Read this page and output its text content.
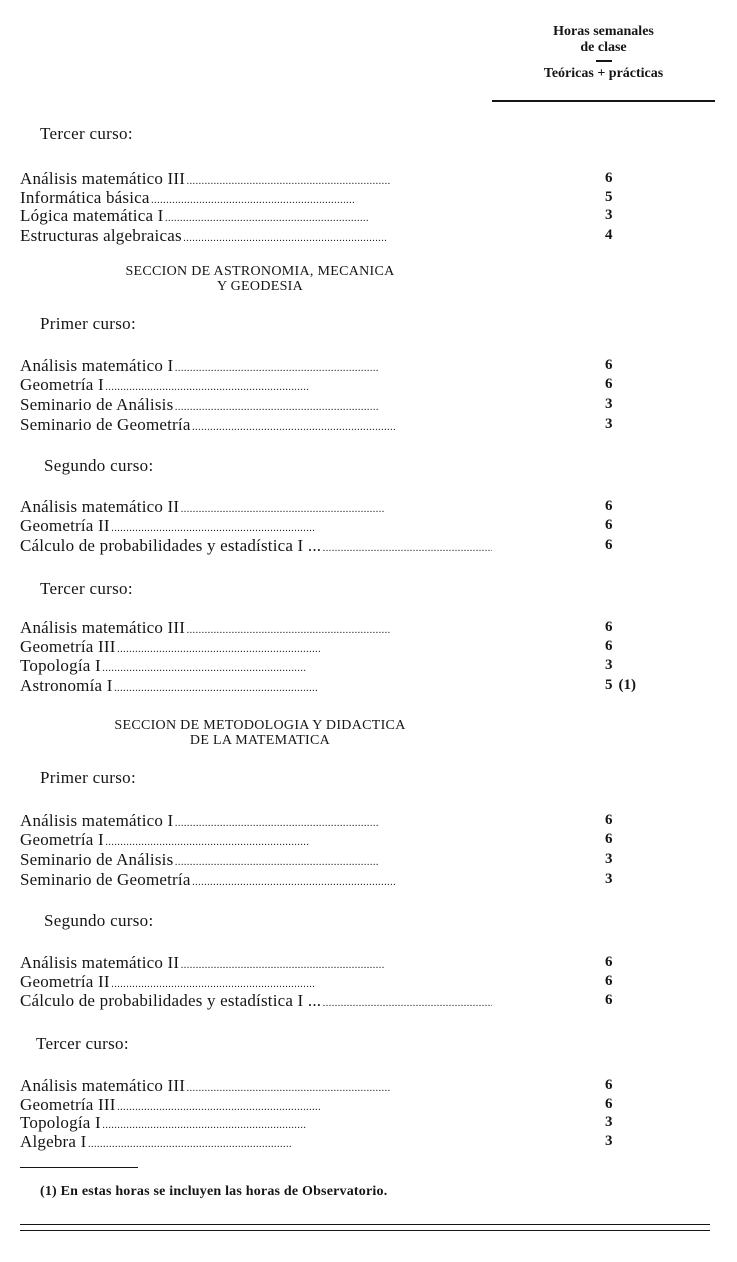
Horas semanales
de clase
Teóricas + prácticas
Tercer curso:
Análisis matemático III . . .	6
Informática básica . . .	5
Lógica matemática I . . .	3
Estructuras algebraicas . . .	4
SECCION DE ASTRONOMIA, MECANICA
Y GEODESIA
Primer curso:
Análisis matemático I . . .	6
Geometría I . . .	6
Seminario de Análisis . . .	3
Seminario de Geometría . . .	3
Segundo curso:
Análisis matemático II . . .	6
Geometría II . . .	6
Cálculo de probabilidades y estadística I ... . . .	6
Tercer curso:
Análisis matemático III . . .	6
Geometría III . . .	6
Topología I . . .	3
Astronomía I . . .	5 (1)
SECCION DE METODOLOGIA Y DIDACTICA
DE LA MATEMATICA
Primer curso:
Análisis matemático I . . .	6
Geometría I . . .	6
Seminario de Análisis . . .	3
Seminario de Geometría . . .	3
Segundo curso:
Análisis matemático II . . .	6
Geometría II . . .	6
Cálculo de probabilidades y estadística I ... . . .	6
Tercer curso:
Análisis matemático III . . .	6
Geometría III . . .	6
Topología I . . .	3
Algebra I . . .	3
(1) En estas horas se incluyen las horas de Observatorio.
